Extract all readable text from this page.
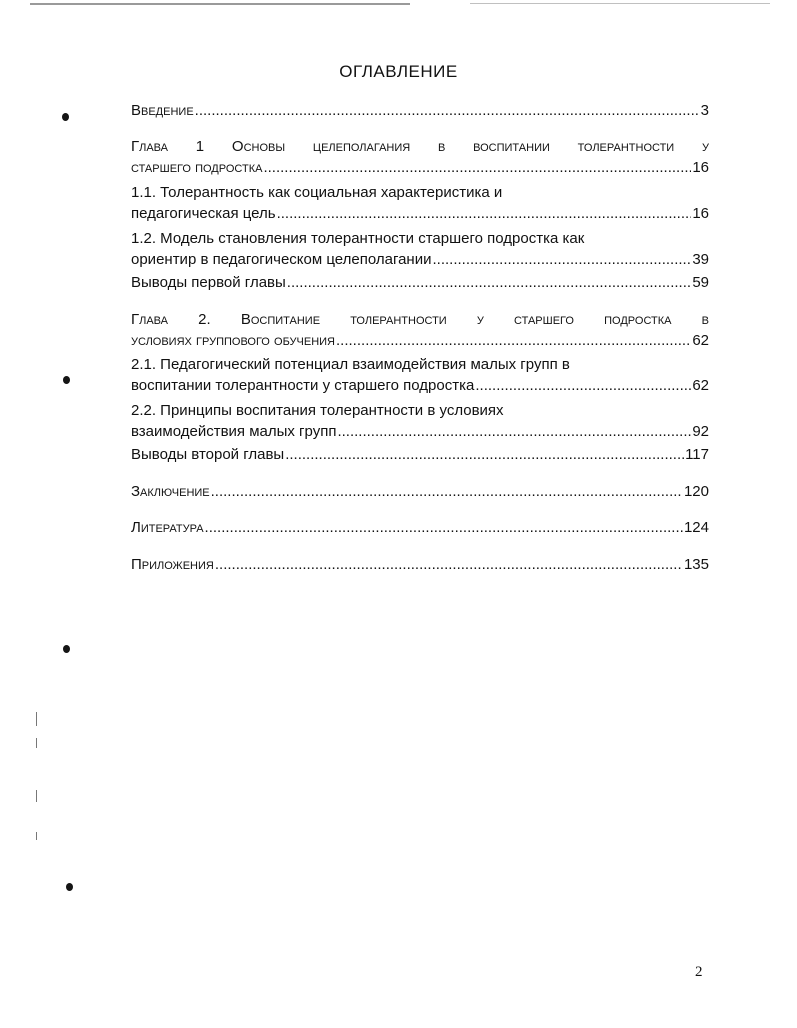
ОГЛАВЛЕНИЕ
Введение .....	3
Глава 1 Основы целеполагания в воспитании толерантности у
старшего подростка .....	16
1.1. Толерантность как социальная характеристика и
педагогическая цель .....	16
1.2. Модель становления толерантности старшего подростка как
ориентир в педагогическом целеполагании .....	39
Выводы первой главы .....	59
Глава 2. Воспитание толерантности у старшего подростка в
условиях группового обучения .....	62
2.1. Педагогический потенциал взаимодействия малых групп в
воспитании толерантности у старшего подростка .....	62
2.2. Принципы воспитания толерантности в условиях
взаимодействия малых групп .....	92
Выводы второй главы .....	117
Заключение .....	120
Литература .....	124
Приложения .....	135
2
